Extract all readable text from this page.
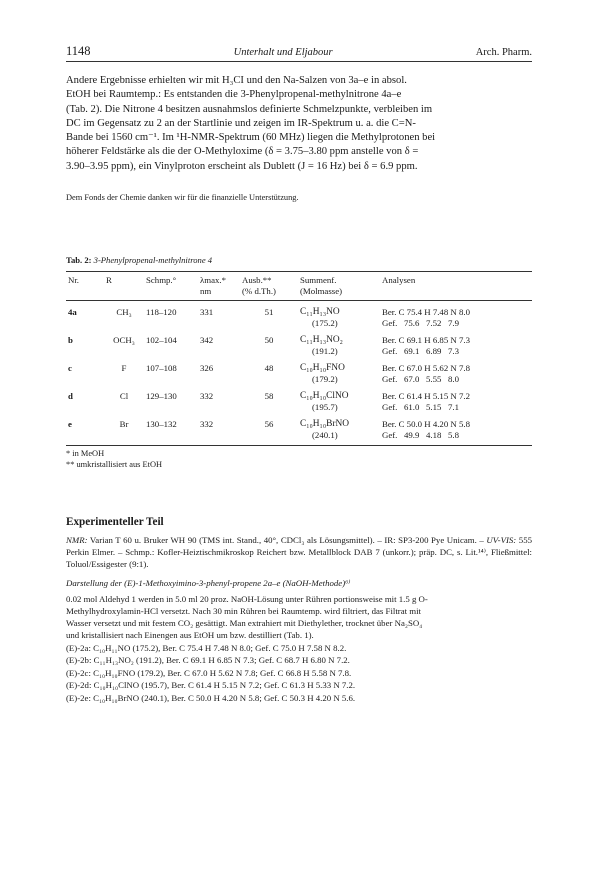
1148	Unterhalt und Eljabour	Arch. Pharm.

Andere Ergebnisse erhielten wir mit H₃CI und den Na-Salzen von 3a–e in absol.
EtOH bei Raumtemp.: Es entstanden die 3-Phenylpropenal-methylnitrone 4a–e
(Tab. 2). Die Nitrone 4 besitzen ausnahmslos definierte Schmelzpunkte, verbleiben im
DC im Gegensatz zu 2 an der Startlinie und zeigen im IR-Spektrum u. a. die C=N-
Bande bei 1560 cm⁻¹. Im ¹H-NMR-Spektrum (60 MHz) liegen die Methylprotonen bei
höherer Feldstärke als die der O-Methyloxime (δ = 3.75–3.80 ppm anstelle von δ =
3.90–3.95 ppm), ein Vinylproton erscheint als Dublett (J = 16 Hz) bei δ = 6.9 ppm.

Dem Fonds der Chemie danken wir für die finanzielle Unterstützung.
Tab. 2: 3-Phenylpropenal-methylnitrone 4
Nr.	R	Schmp.°	λmax.*	Ausb.**	Summenf.	Analysen
			nm	(% d.Th.)	(Molmasse)	
4a	CH₃	118–120	331	51	C₁₁H₁₃NO
(175.2)	Ber. C 75.4 H 7.48 N 8.0
Gef.   75.6   7.52   7.9

b	OCH₃	102–104	342	50	C₁₁H₁₃NO₂
(191.2)	Ber. C 69.1 H 6.85 N 7.3
Gef.   69.1   6.89   7.3

c	F	107–108	326	48	C₁₀H₁₀FNO
(179.2)	Ber. C 67.0 H 5.62 N 7.8
Gef.   67.0   5.55   8.0

d	Cl	129–130	332	58	C₁₀H₁₀ClNO
(195.7)	Ber. C 61.4 H 5.15 N 7.2
Gef.   61.0   5.15   7.1

e	Br	130–132	332	56	C₁₀H₁₀BrNO
(240.1)	Ber. C 50.0 H 4.20 N 5.8
Gef.   49.9   4.18   5.8
* in MeOH
** umkristallisiert aus EtOH
Experimenteller Teil
NMR: Varian T 60 u. Bruker WH 90 (TMS int. Stand., 40°, CDCl₃ als Lösungsmittel). – IR: SP3-200 Pye Unicam. – UV-VIS: 555 Perkin Elmer. – Schmp.: Kofler-Heiztischmikroskop Reichert bzw. Metallblock DAB 7 (unkorr.); präp. DC, s. Lit.¹⁴⁾, Fließmittel: Toluol/Essigester (9:1).
Darstellung der (E)-1-Methoxyimino-3-phenyl-propene 2a–e (NaOH-Methode)⁶⁾

0.02 mol Aldehyd 1 werden in 5.0 ml 20 proz. NaOH-Lösung unter Rühren portionsweise mit 1.5 g O-
Methylhydroxylamin-HCl versetzt. Nach 30 min Rühren bei Raumtemp. wird filtriert, das Filtrat mit
Wasser versetzt und mit festem CO₂ gesättigt. Man extrahiert mit Diethylether, trocknet über Na₂SO₄
und kristallisiert nach Einengen aus EtOH um bzw. destilliert (Tab. 1).

(E)-2a: C₁₀H₁₁NO (175.2), Ber. C 75.4 H 7.48 N 8.0; Gef. C 75.0 H 7.58 N 8.2.
(E)-2b: C₁₁H₁₃NO₂ (191.2), Ber. C 69.1 H 6.85 N 7.3; Gef. C 68.7 H 6.80 N 7.2.
(E)-2c: C₁₀H₁₀FNO (179.2), Ber. C 67.0 H 5.62 N 7.8; Gef. C 66.8 H 5.58 N 7.8.
(E)-2d: C₁₀H₁₀ClNO (195.7), Ber. C 61.4 H 5.15 N 7.2; Gef. C 61.3 H 5.33 N 7.2.
(E)-2e: C₁₀H₁₀BrNO (240.1), Ber. C 50.0 H 4.20 N 5.8; Gef. C 50.3 H 4.20 N 5.6.
